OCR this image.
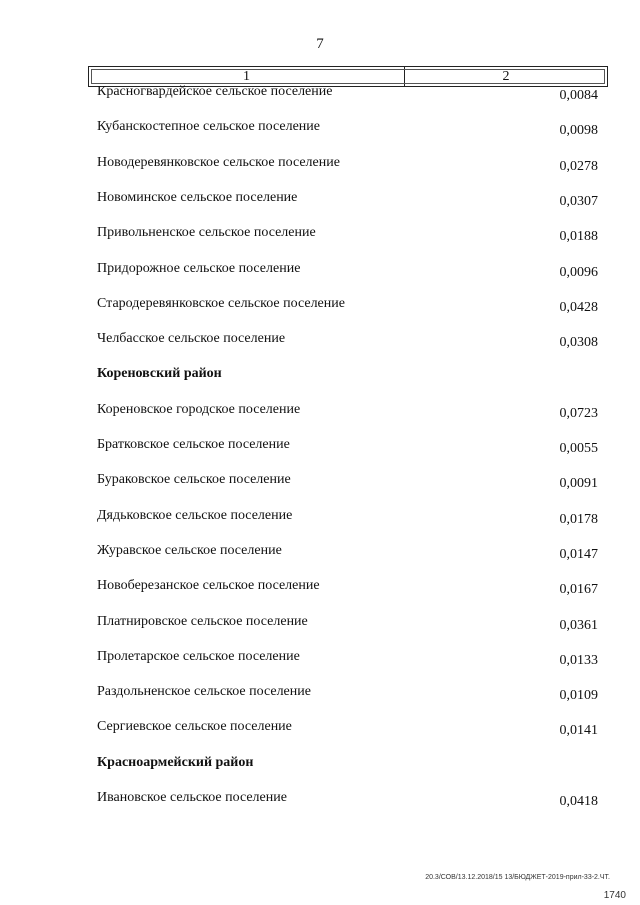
7
1	2
Красногвардейское сельское поселение	0,0084
Кубанскостепное сельское поселение	0,0098
Новодеревянковское сельское поселение	0,0278
Новоминское сельское поселение	0,0307
Привольненское сельское поселение	0,0188
Придорожное сельское поселение	0,0096
Стародеревянковское сельское поселение	0,0428
Челбасское сельское поселение	0,0308
Кореновский район
Кореновское городское поселение	0,0723
Братковское сельское поселение	0,0055
Бураковское сельское поселение	0,0091
Дядьковское сельское поселение	0,0178
Журавское сельское поселение	0,0147
Новоберезанское сельское поселение	0,0167
Платнировское сельское поселение	0,0361
Пролетарское сельское поселение	0,0133
Раздольненское сельское поселение	0,0109
Сергиевское сельское поселение	0,0141
Красноармейский район
Ивановское сельское поселение	0,0418
20.3/СОВ/13.12.2018/15 13/БЮДЖЕТ-2019-прил-33-2.ЧТ.
1740
